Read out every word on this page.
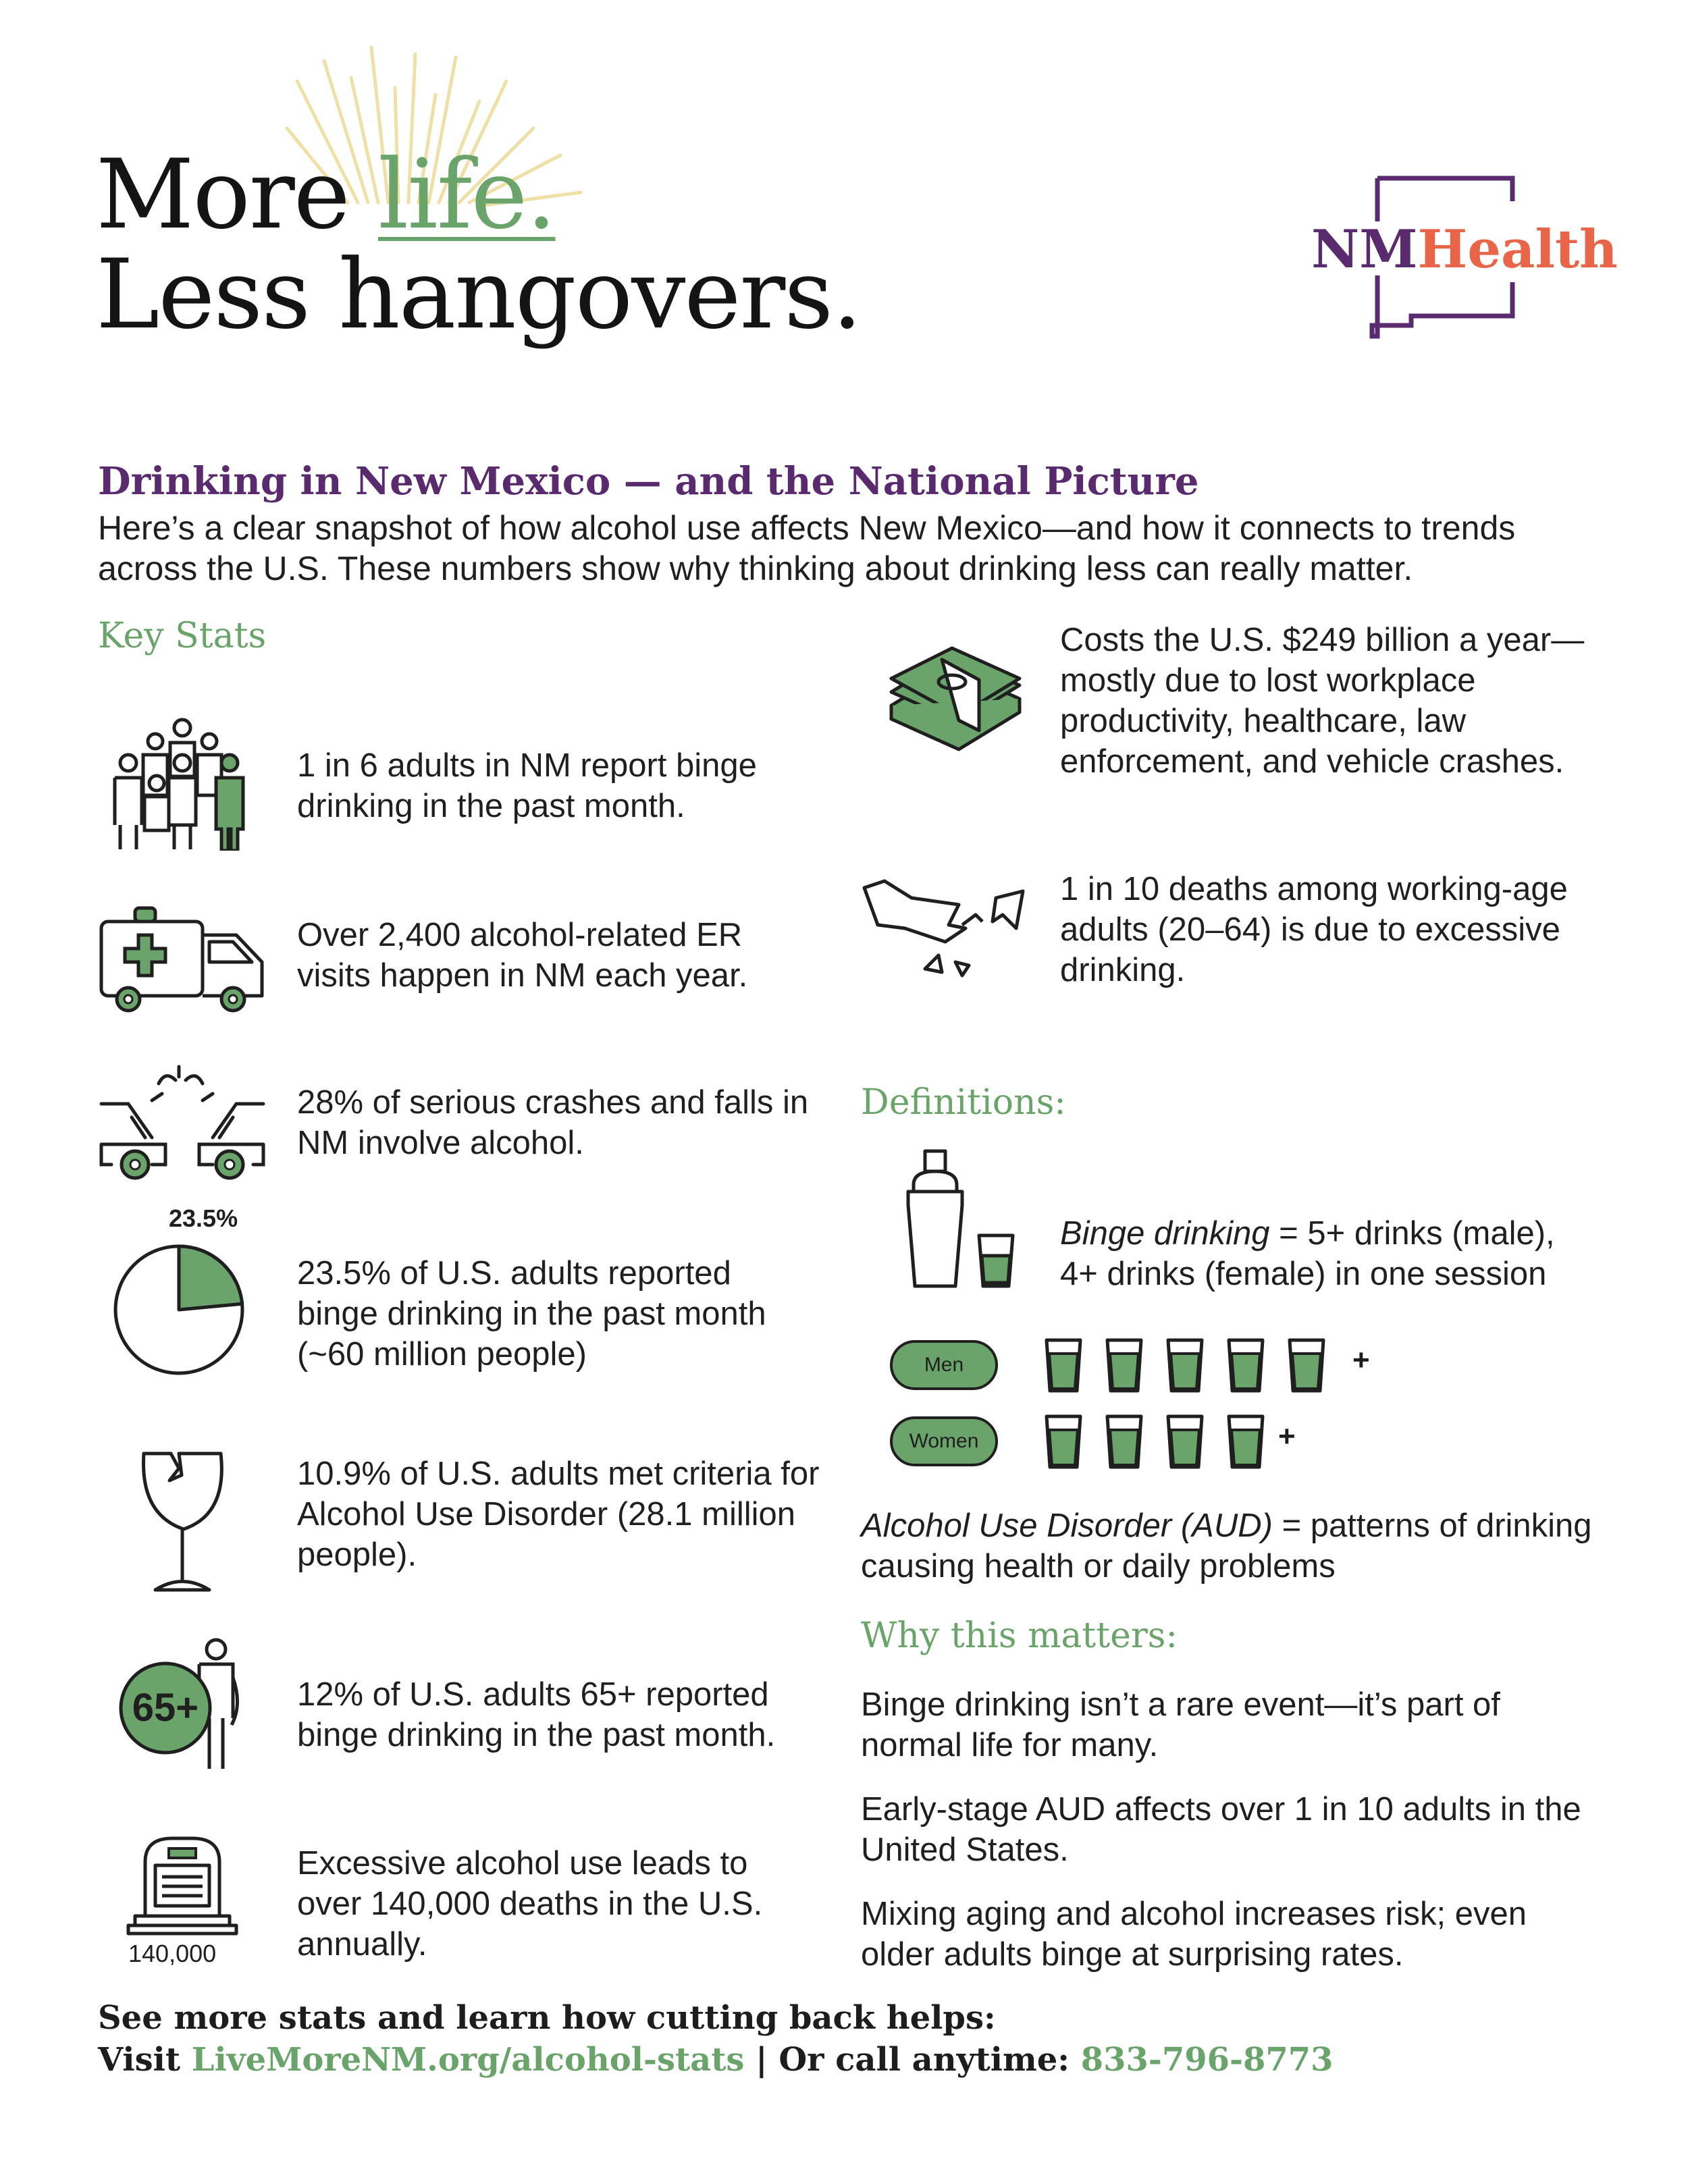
More life.
Less hangovers.	NMHealth
Drinking in New Mexico — and the National Picture
Here’s a clear snapshot of how alcohol use affects New Mexico—and how it connects to trends across the U.S. These numbers show why thinking about drinking less can really matter.
Key Stats
1 in 6 adults in NM report binge drinking in the past month.
Over 2,400 alcohol-related ER visits happen in NM each year.
28% of serious crashes and falls in NM involve alcohol.
23.5%
23.5% of U.S. adults reported binge drinking in the past month (~60 million people)
10.9% of U.S. adults met criteria for Alcohol Use Disorder (28.1 million people).
65+	12% of U.S. adults 65+ reported binge drinking in the past month.
140,000
Excessive alcohol use leads to over 140,000 deaths in the U.S. annually.
Costs the U.S. $249 billion a year—mostly due to lost workplace productivity, healthcare, law enforcement, and vehicle crashes.
1 in 10 deaths among working-age adults (20–64) is due to excessive drinking.
Definitions:
Binge drinking = 5+ drinks (male), 4+ drinks (female) in one session
Men
Women
+
+
Alcohol Use Disorder (AUD) = patterns of drinking causing health or daily problems
Why this matters:
Binge drinking isn’t a rare event—it’s part of normal life for many.
Early-stage AUD affects over 1 in 10 adults in the United States.
Mixing aging and alcohol increases risk; even older adults binge at surprising rates.
See more stats and learn how cutting back helps:
Visit LiveMoreNM.org/alcohol-stats | Or call anytime: 833-796-8773
